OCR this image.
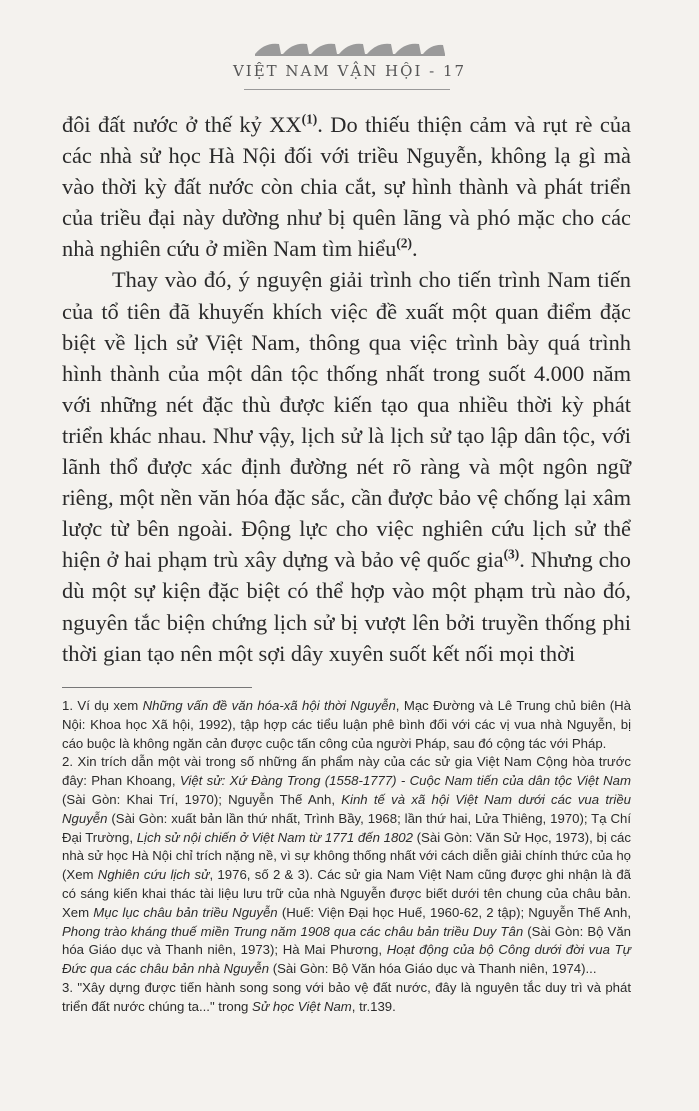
VIỆT NAM VẬN HỘI - 17

đôi đất nước ở thế kỷ XX$^{(1)}$. Do thiếu thiện cảm và rụt rè của các nhà sử học Hà Nội đối với triều Nguyễn, không lạ gì mà vào thời kỳ đất nước còn chia cắt, sự hình thành và phát triển của triều đại này dường như bị quên lãng và phó mặc cho các nhà nghiên cứu ở miền Nam tìm hiểu$^{(2)}$.

Thay vào đó, ý nguyện giải trình cho tiến trình Nam tiến của tổ tiên đã khuyến khích việc đề xuất một quan điểm đặc biệt về lịch sử Việt Nam, thông qua việc trình bày quá trình hình thành của một dân tộc thống nhất trong suốt 4.000 năm với những nét đặc thù được kiến tạo qua nhiều thời kỳ phát triển khác nhau. Như vậy, lịch sử là lịch sử tạo lập dân tộc, với lãnh thổ được xác định đường nét rõ ràng và một ngôn ngữ riêng, một nền văn hóa đặc sắc, cần được bảo vệ chống lại xâm lược từ bên ngoài. Động lực cho việc nghiên cứu lịch sử thể hiện ở hai phạm trù xây dựng và bảo vệ quốc gia$^{(3)}$. Nhưng cho dù một sự kiện đặc biệt có thể hợp vào một phạm trù nào đó, nguyên tắc biện chứng lịch sử bị vượt lên bởi truyền thống phi thời gian tạo nên một sợi dây xuyên suốt kết nối mọi thời

1. Ví dụ xem Những vấn đề văn hóa-xã hội thời Nguyễn, Mạc Đường và Lê Trung chủ biên (Hà Nội: Khoa học Xã hội, 1992), tập hợp các tiểu luận phê bình đối với các vị vua nhà Nguyễn, bị cáo buộc là không ngăn cản được cuộc tấn công của người Pháp, sau đó cộng tác với Pháp.

2. Xin trích dẫn một vài trong số những ấn phẩm này của các sử gia Việt Nam Cộng hòa trước đây: Phan Khoang, Việt sử: Xứ Đàng Trong (1558-1777) - Cuộc Nam tiến của dân tộc Việt Nam (Sài Gòn: Khai Trí, 1970); Nguyễn Thế Anh, Kinh tế và xã hội Việt Nam dưới các vua triều Nguyễn (Sài Gòn: xuất bản lần thứ nhất, Trình Bầy, 1968; lần thứ hai, Lửa Thiêng, 1970); Tạ Chí Đại Trường, Lịch sử nội chiến ở Việt Nam từ 1771 đến 1802 (Sài Gòn: Văn Sử Học, 1973), bị các nhà sử học Hà Nội chỉ trích nặng nề, vì sự không thống nhất với cách diễn giải chính thức của họ (Xem Nghiên cứu lịch sử, 1976, số 2 & 3). Các sử gia Nam Việt Nam cũng được ghi nhận là đã có sáng kiến khai thác tài liệu lưu trữ của nhà Nguyễn được biết dưới tên chung của châu bản. Xem Mục lục châu bản triều Nguyễn (Huế: Viện Đại học Huế, 1960-62, 2 tập); Nguyễn Thế Anh, Phong trào kháng thuế miền Trung năm 1908 qua các châu bản triều Duy Tân (Sài Gòn: Bộ Văn hóa Giáo dục và Thanh niên, 1973); Hà Mai Phương, Hoạt động của bộ Công dưới đời vua Tự Đức qua các châu bản nhà Nguyễn (Sài Gòn: Bộ Văn hóa Giáo dục và Thanh niên, 1974)...

3. "Xây dựng được tiến hành song song với bảo vệ đất nước, đây là nguyên tắc duy trì và phát triển đất nước chúng ta..." trong Sử học Việt Nam, tr.139.
